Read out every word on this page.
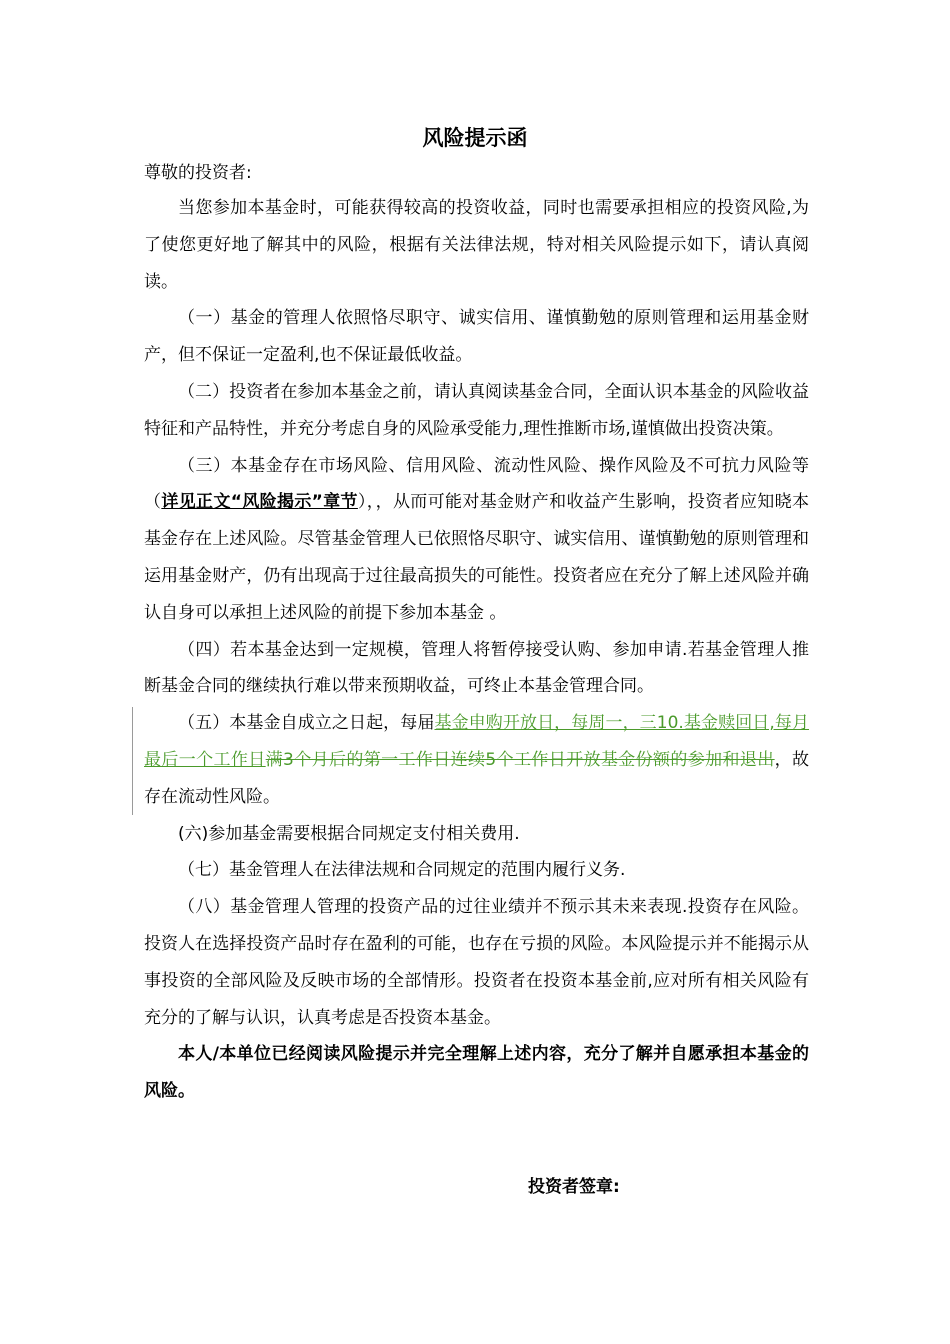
风险提示函
尊敬的投资者:

当您参加本基金时，可能获得较高的投资收益，同时也需要承担相应的投资风险,为了使您更好地了解其中的风险，根据有关法律法规，特对相关风险提示如下，请认真阅读。

（一）基金的管理人依照恪尽职守、诚实信用、谨慎勤勉的原则管理和运用基金财产，但不保证一定盈利,也不保证最低收益。

（二）投资者在参加本基金之前，请认真阅读基金合同，全面认识本基金的风险收益特征和产品特性，并充分考虑自身的风险承受能力,理性推断市场,谨慎做出投资决策。

（三）本基金存在市场风险、信用风险、流动性风险、操作风险及不可抗力风险等（详见正文“风险揭示”章节），，从而可能对基金财产和收益产生影响，投资者应知晓本基金存在上述风险。尽管基金管理人已依照恪尽职守、诚实信用、谨慎勤勉的原则管理和运用基金财产，仍有出现高于过往最高损失的可能性。投资者应在充分了解上述风险并确认自身可以承担上述风险的前提下参加本基金 。

（四）若本基金达到一定规模，管理人将暂停接受认购、参加申请.若基金管理人推断基金合同的继续执行难以带来预期收益，可终止本基金管理合同。

（五）本基金自成立之日起，每届基金申购开放日，每周一，三10.基金赎回日,每月最后一个工作日满3个月后的第一工作日连续5个工作日开放基金份额的参加和退出，故存在流动性风险。

(六)参加基金需要根据合同规定支付相关费用.

（七）基金管理人在法律法规和合同规定的范围内履行义务.

（八）基金管理人管理的投资产品的过往业绩并不预示其未来表现.投资存在风险。投资人在选择投资产品时存在盈利的可能，也存在亏损的风险。本风险提示并不能揭示从事投资的全部风险及反映市场的全部情形。投资者在投资本基金前,应对所有相关风险有充分的了解与认识，认真考虑是否投资本基金。

本人/本单位已经阅读风险提示并完全理解上述内容，充分了解并自愿承担本基金的风险。

投资者签章:
